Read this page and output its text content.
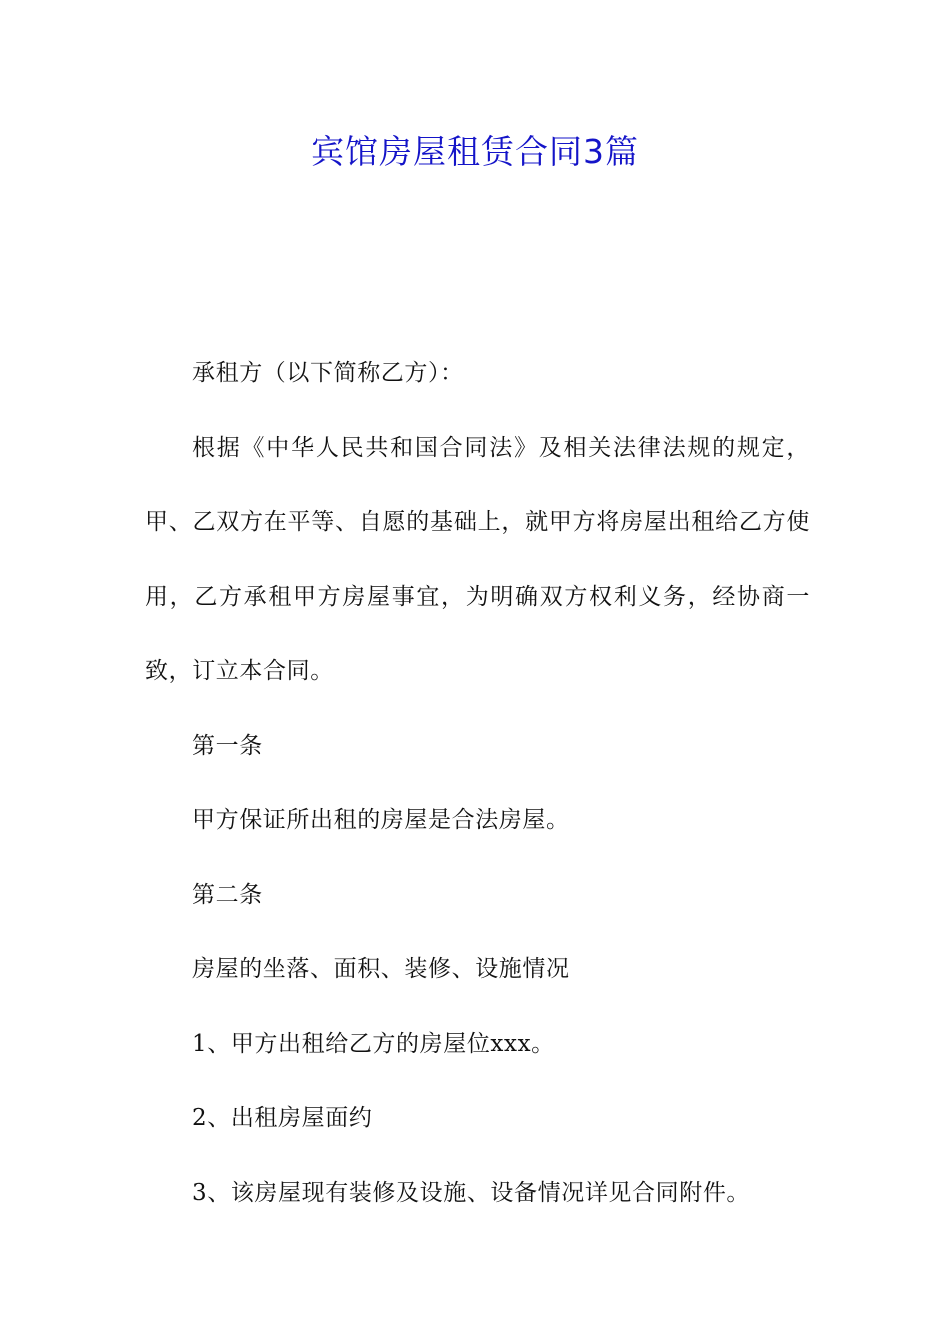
宾馆房屋租赁合同3篇

承租方（以下简称乙方）：

根据《中华人民共和国合同法》及相关法律法规的规定，甲、乙双方在平等、自愿的基础上，就甲方将房屋出租给乙方使用，乙方承租甲方房屋事宜，为明确双方权利义务，经协商一致，订立本合同。

第一条

甲方保证所出租的房屋是合法房屋。

第二条

房屋的坐落、面积、装修、设施情况

1、甲方出租给乙方的房屋位xxx。

2、出租房屋面约

3、该房屋现有装修及设施、设备情况详见合同附件。
